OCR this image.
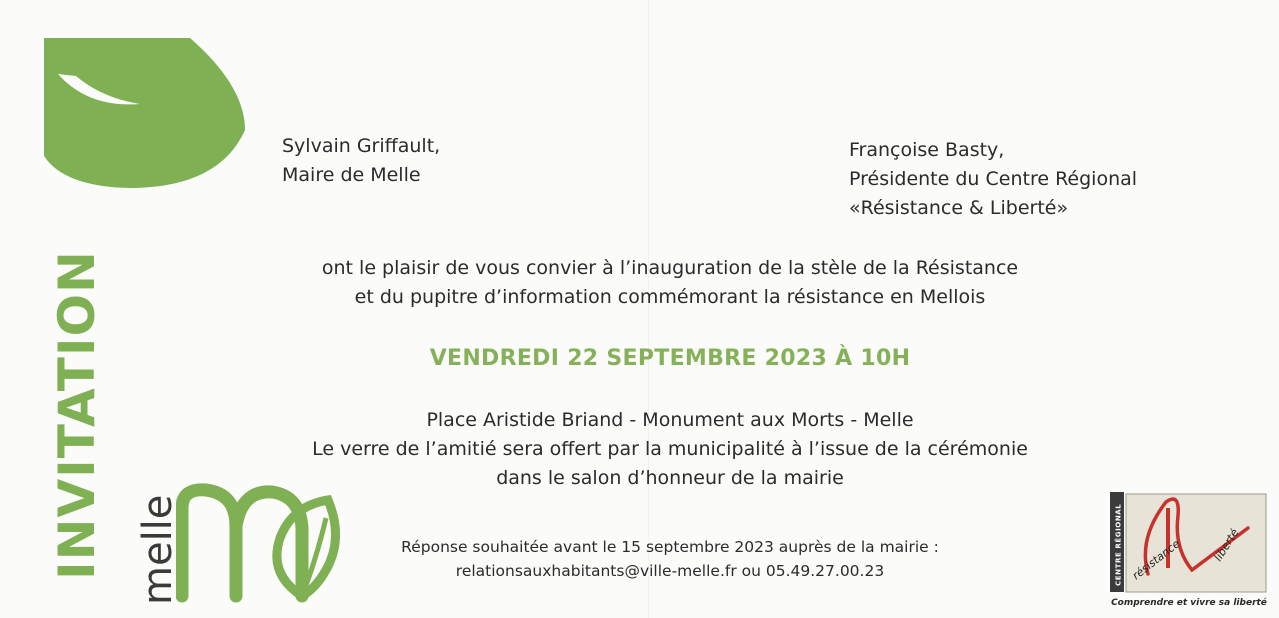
INVITATION melle
Sylvain Griffault,
Maire de Melle
Françoise Basty,
Présidente du Centre Régional
«Résistance & Liberté»
ont le plaisir de vous convier à l’inauguration de la stèle de la Résistance
et du pupitre d’information commémorant la résistance en Mellois
VENDREDI 22 SEPTEMBRE 2023 À 10H
Place Aristide Briand - Monument aux Morts - Melle
Le verre de l’amitié sera offert par la municipalité à l’issue de la cérémonie
dans le salon d’honneur de la mairie
Réponse souhaitée avant le 15 septembre 2023 auprès de la mairie :
relationsauxhabitants@ville-melle.fr ou 05.49.27.00.23	CENTRE RÉGIONAL résistance	liberté
Comprendre et vivre sa liberté
